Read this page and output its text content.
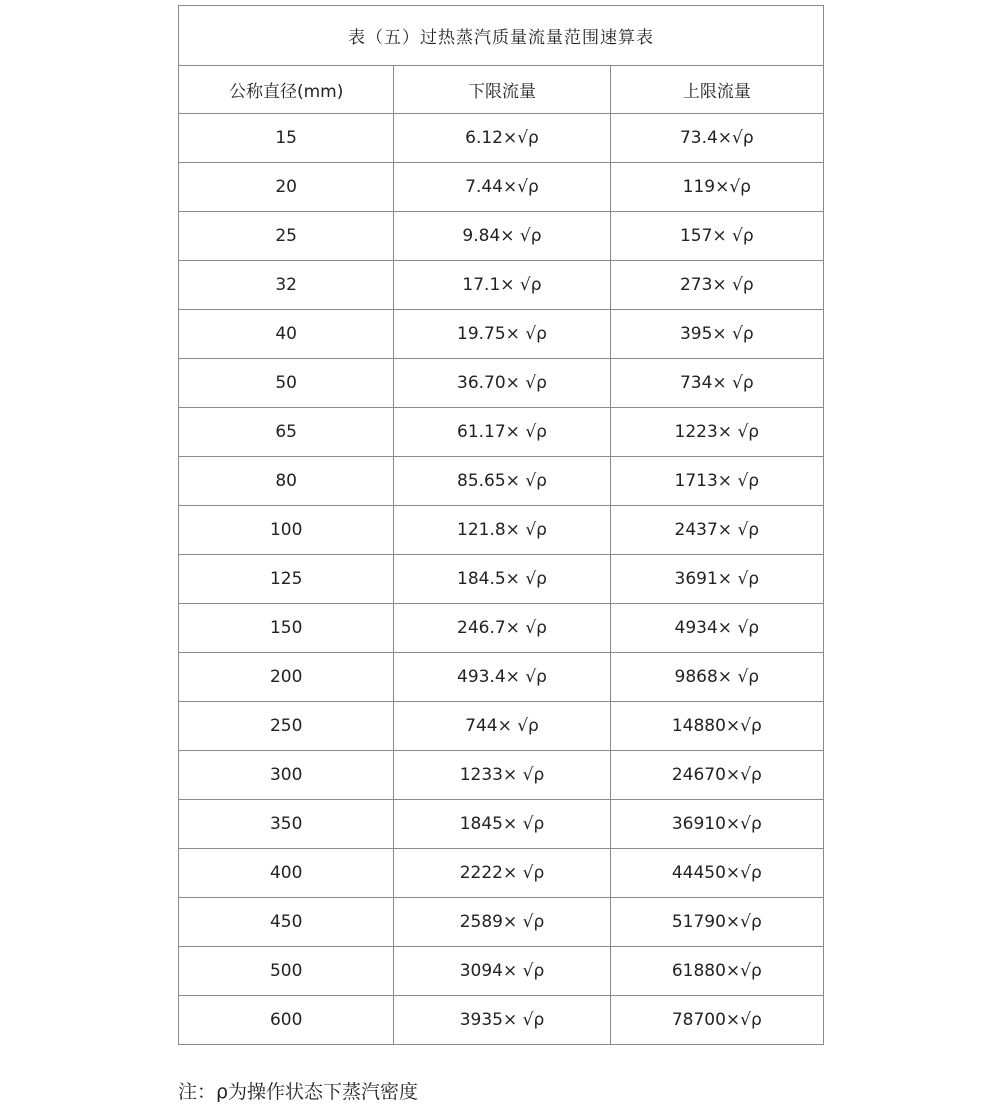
表（五）过热蒸汽质量流量范围速算表		
公称直径(mm)	下限流量	上限流量
15	6.12×√ρ	73.4×√ρ
20	7.44×√ρ	119×√ρ
25	9.84× √ρ	157× √ρ
32	17.1× √ρ	273× √ρ
40	19.75× √ρ	395× √ρ
50	36.70× √ρ	734× √ρ
65	61.17× √ρ	1223× √ρ
80	85.65× √ρ	1713× √ρ
100	121.8× √ρ	2437× √ρ
125	184.5× √ρ	3691× √ρ
150	246.7× √ρ	4934× √ρ
200	493.4× √ρ	9868× √ρ
250	744× √ρ	14880×√ρ
300	1233× √ρ	24670×√ρ
350	1845× √ρ	36910×√ρ
400	2222× √ρ	44450×√ρ
450	2589× √ρ	51790×√ρ
500	3094× √ρ	61880×√ρ
600	3935× √ρ	78700×√ρ

注：ρ为操作状态下蒸汽密度
